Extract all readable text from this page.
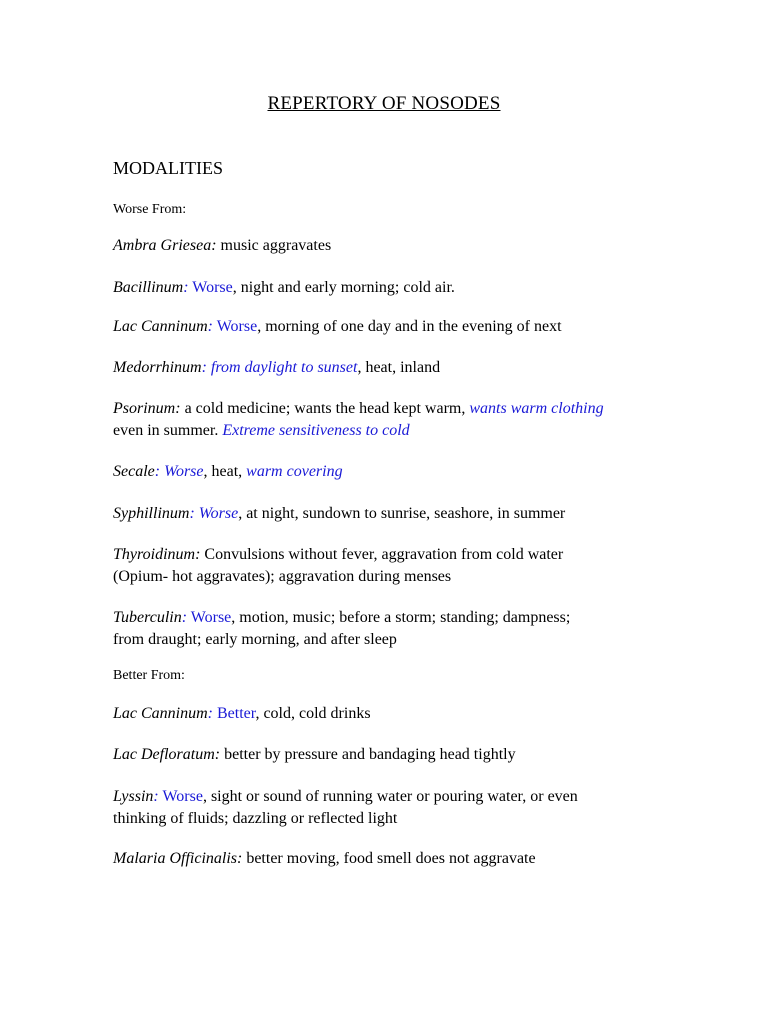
REPERTORY OF NOSODES
MODALITIES
Worse From:
Ambra Griesea: music aggravates
Bacillinum: Worse, night and early morning; cold air.
Lac Canninum: Worse, morning of one day and in the evening of next
Medorrhinum: from daylight to sunset, heat, inland
Psorinum: a cold medicine; wants the head kept warm, wants warm clothing
even in summer. Extreme sensitiveness to cold
Secale: Worse, heat, warm covering
Syphillinum: Worse, at night, sundown to sunrise, seashore, in summer
Thyroidinum: Convulsions without fever, aggravation from cold water
(Opium- hot aggravates); aggravation during menses
Tuberculin: Worse, motion, music; before a storm; standing; dampness;
from draught; early morning, and after sleep
Better From:
Lac Canninum: Better, cold, cold drinks
Lac Defloratum: better by pressure and bandaging head tightly
Lyssin: Worse, sight or sound of running water or pouring water, or even
thinking of fluids; dazzling or reflected light
Malaria Officinalis: better moving, food smell does not aggravate
